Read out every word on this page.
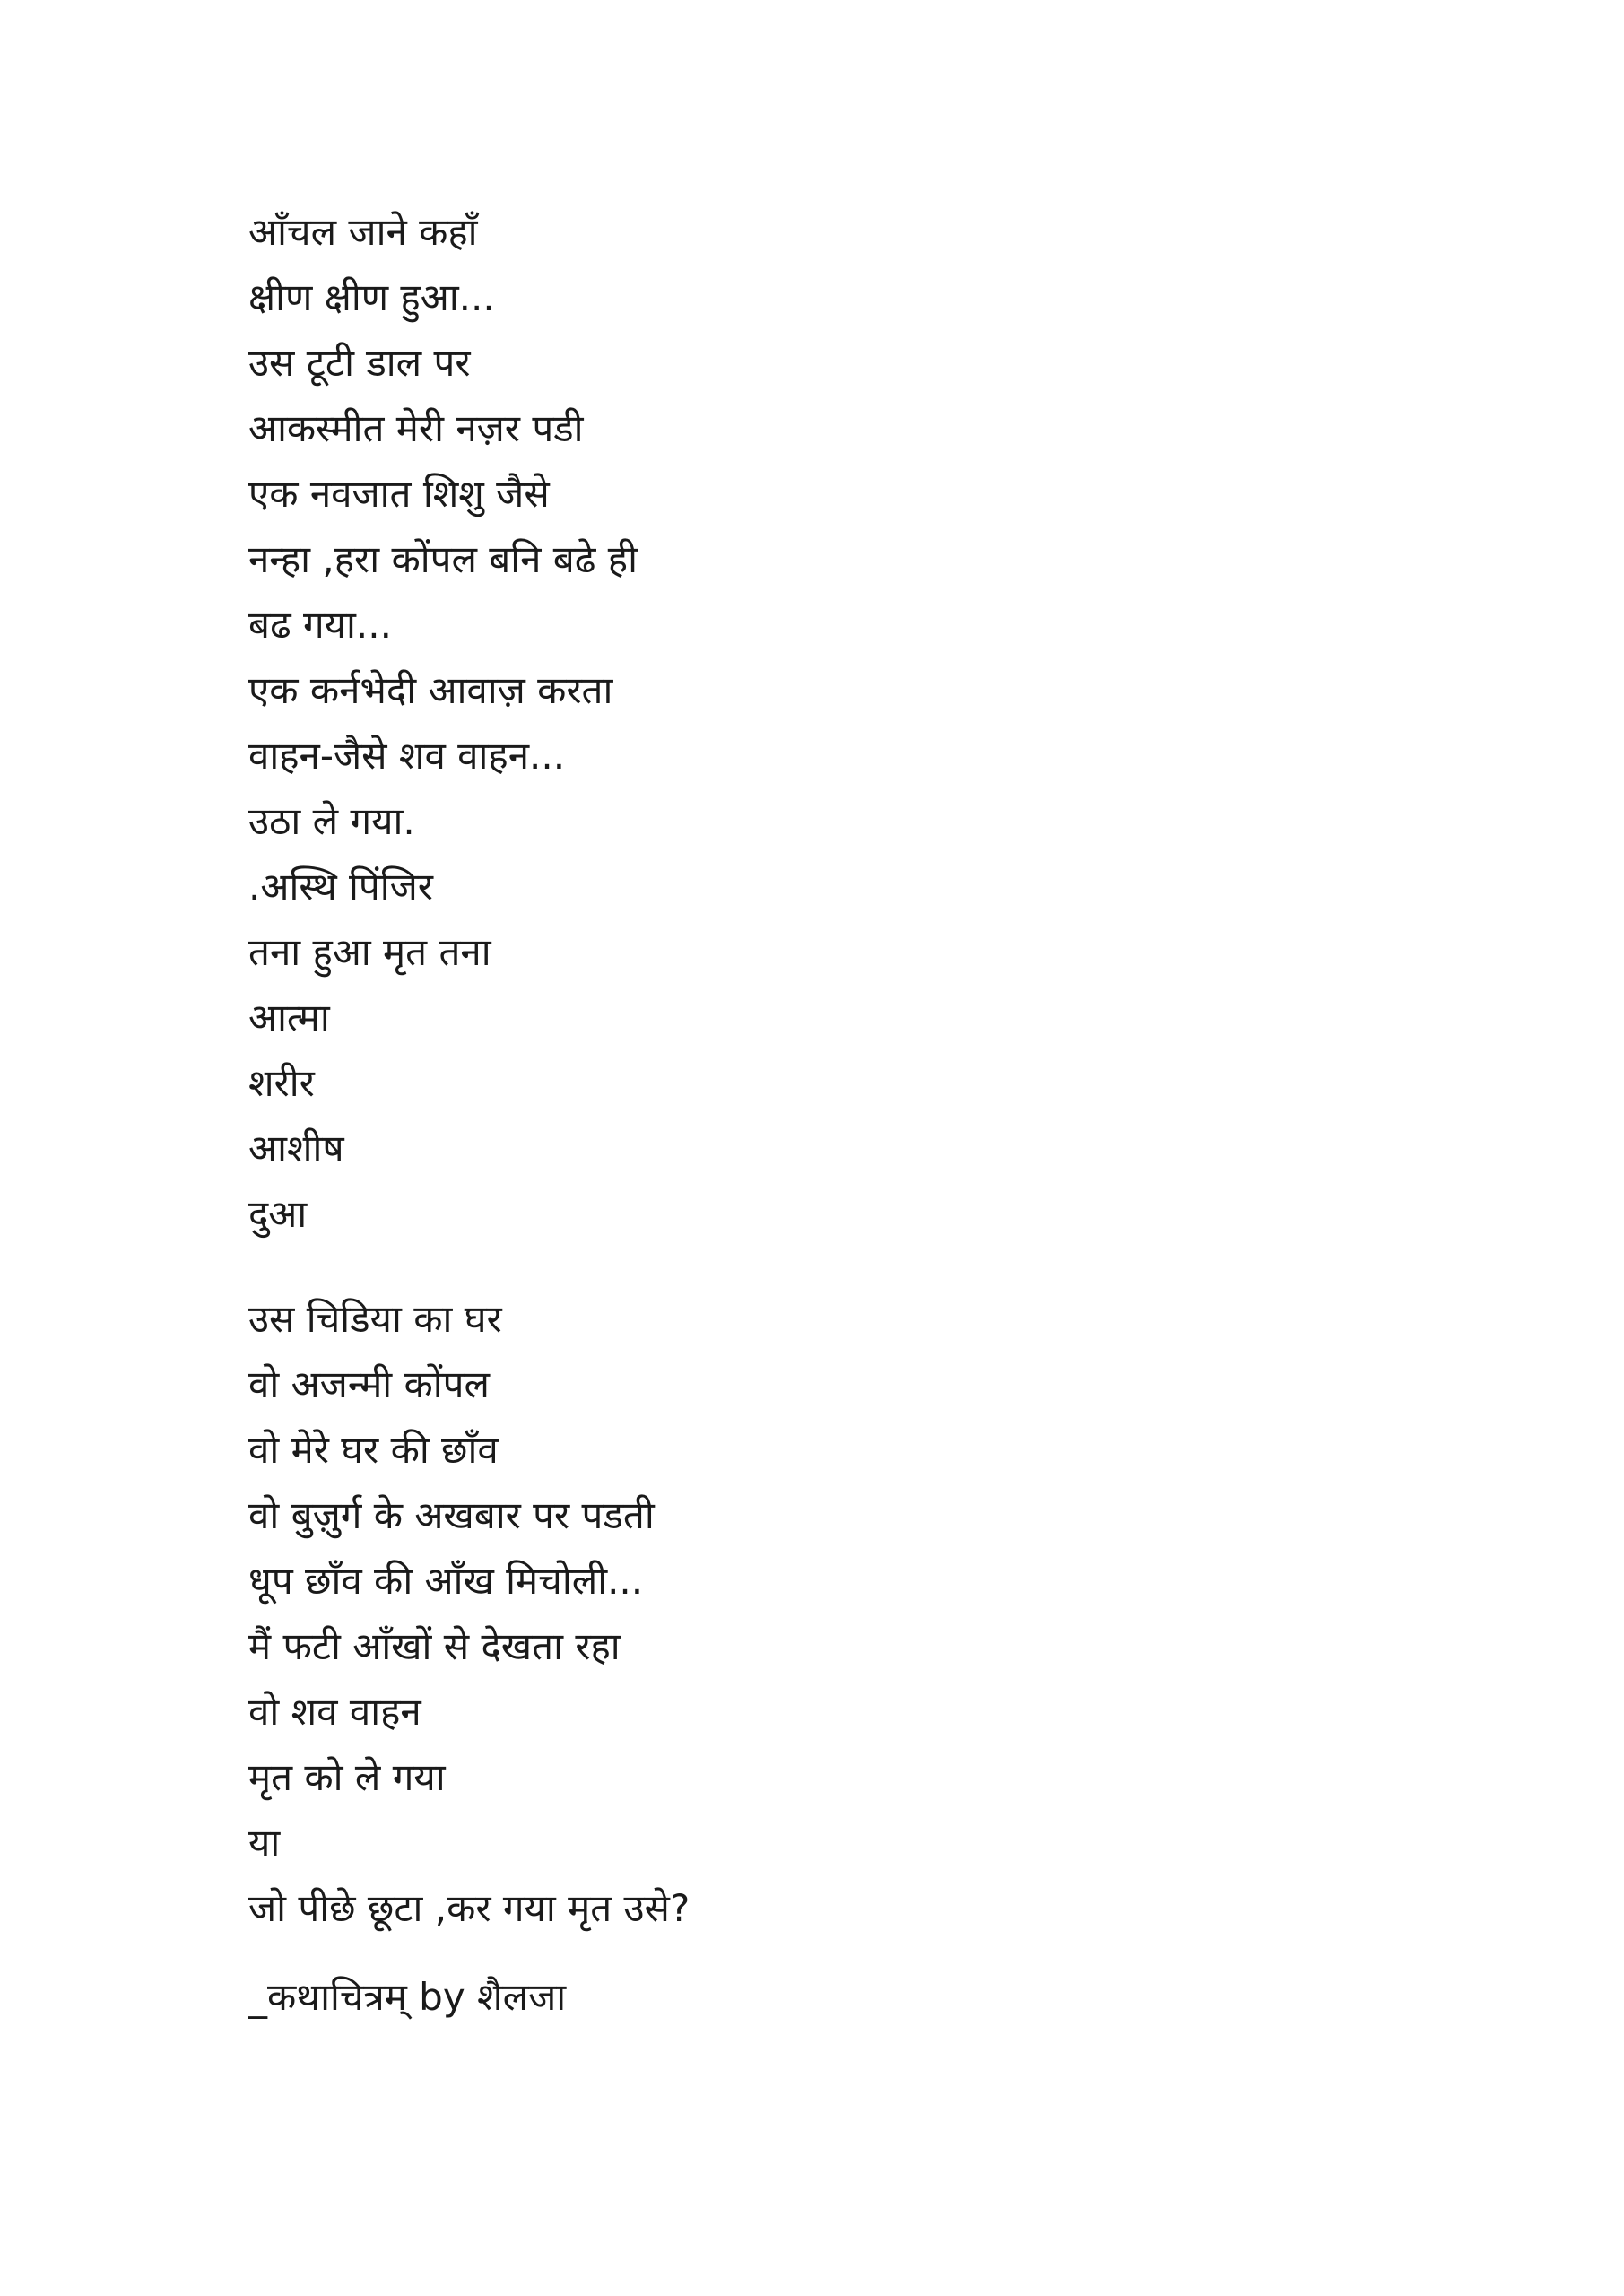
आँचल जाने कहाँ
क्षीण क्षीण हुआ...
उस टूटी डाल पर
आकस्मीत मेरी नज़र पडी
एक नवजात शिशु जैसे
नन्हा ,हरा कोंपल बनि बढे ही
बढ गया...
एक कर्नभेदी आवाज़ करता
वाहन-जैसे शव वाहन...
उठा ले गया.
.अस्थि पिंजिर
तना हुआ मृत तना
आत्मा
शरीर
आशीष
दुआ
उस चिडिया का घर
वो अजन्मी कोंपल
वो मेरे घर की छाँव
वो बुज़ुर्ग के अखबार पर पडती
धूप छाँव की आँख मिचोली...
मैं फटी आँखों से देखता रहा
वो शव वाहन
मृत को ले गया
या
जो पीछे छूटा ,कर गया मृत उसे?
_कथाचित्रम् by शैलजा
